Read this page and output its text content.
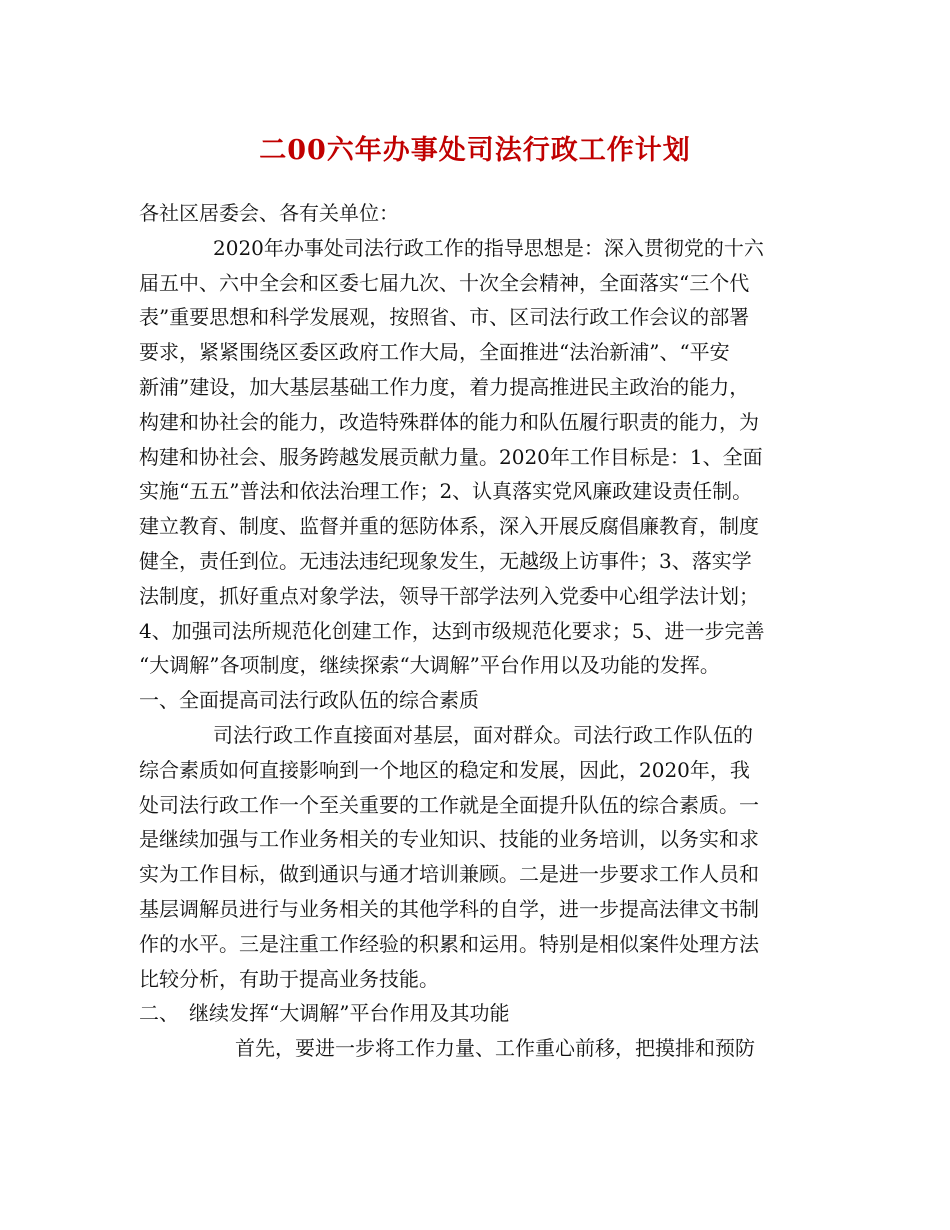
二00六年办事处司法行政工作计划
各社区居委会、各有关单位：
2020年办事处司法行政工作的指导思想是：深入贯彻党的十六
届五中、六中全会和区委七届九次、十次全会精神，全面落实“三个代
表”重要思想和科学发展观，按照省、市、区司法行政工作会议的部署
要求，紧紧围绕区委区政府工作大局，全面推进“法治新浦”、“平安
新浦”建设，加大基层基础工作力度，着力提高推进民主政治的能力，
构建和协社会的能力，改造特殊群体的能力和队伍履行职责的能力，为
构建和协社会、服务跨越发展贡献力量。2020年工作目标是：1、全面
实施“五五”普法和依法治理工作；2、认真落实党风廉政建设责任制。
建立教育、制度、监督并重的惩防体系，深入开展反腐倡廉教育，制度
健全，责任到位。无违法违纪现象发生，无越级上访事件；3、落实学
法制度，抓好重点对象学法，领导干部学法列入党委中心组学法计划；
4、加强司法所规范化创建工作，达到市级规范化要求；5、进一步完善
“大调解”各项制度，继续探索“大调解”平台作用以及功能的发挥。
一、全面提高司法行政队伍的综合素质
司法行政工作直接面对基层，面对群众。司法行政工作队伍的
综合素质如何直接影响到一个地区的稳定和发展，因此，2020年，我
处司法行政工作一个至关重要的工作就是全面提升队伍的综合素质。一
是继续加强与工作业务相关的专业知识、技能的业务培训，以务实和求
实为工作目标，做到通识与通才培训兼顾。二是进一步要求工作人员和
基层调解员进行与业务相关的其他学科的自学，进一步提高法律文书制
作的水平。三是注重工作经验的积累和运用。特别是相似案件处理方法
比较分析，有助于提高业务技能。
二、　继续发挥“大调解”平台作用及其功能
首先，要进一步将工作力量、工作重心前移，把摸排和预防
